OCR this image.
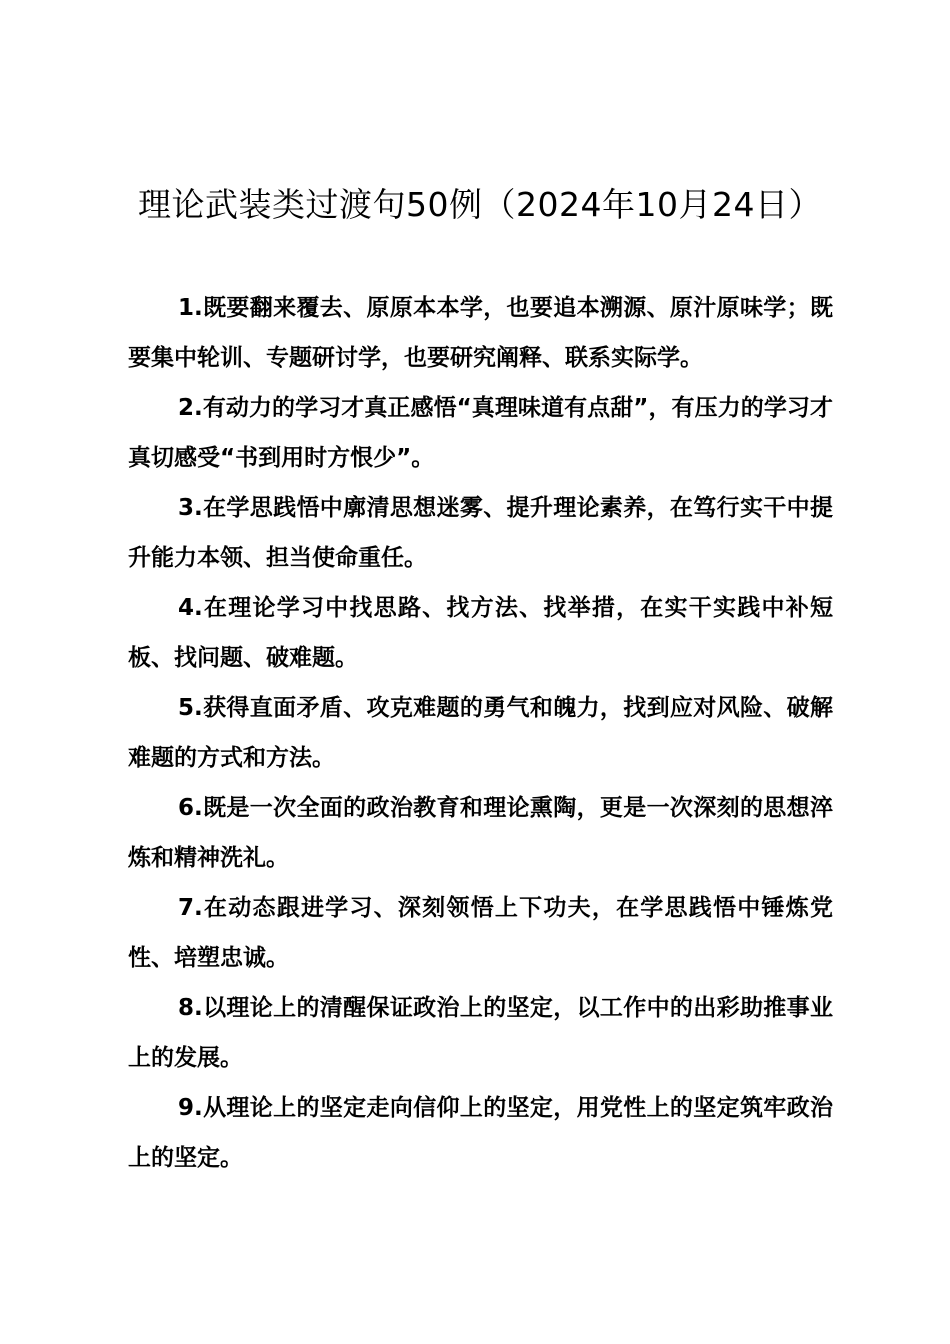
理论武装类过渡句50例（2024年10月24日）

1.既要翻来覆去、原原本本学，也要追本溯源、原汁原味学；既要集中轮训、专题研讨学，也要研究阐释、联系实际学。

2.有动力的学习才真正感悟“真理味道有点甜”，有压力的学习才真切感受“书到用时方恨少”。

3.在学思践悟中廓清思想迷雾、提升理论素养，在笃行实干中提升能力本领、担当使命重任。

4.在理论学习中找思路、找方法、找举措，在实干实践中补短板、找问题、破难题。

5.获得直面矛盾、攻克难题的勇气和魄力，找到应对风险、破解难题的方式和方法。

6.既是一次全面的政治教育和理论熏陶，更是一次深刻的思想淬炼和精神洗礼。

7.在动态跟进学习、深刻领悟上下功夫，在学思践悟中锤炼党性、培塑忠诚。

8.以理论上的清醒保证政治上的坚定，以工作中的出彩助推事业上的发展。

9.从理论上的坚定走向信仰上的坚定，用党性上的坚定筑牢政治上的坚定。
